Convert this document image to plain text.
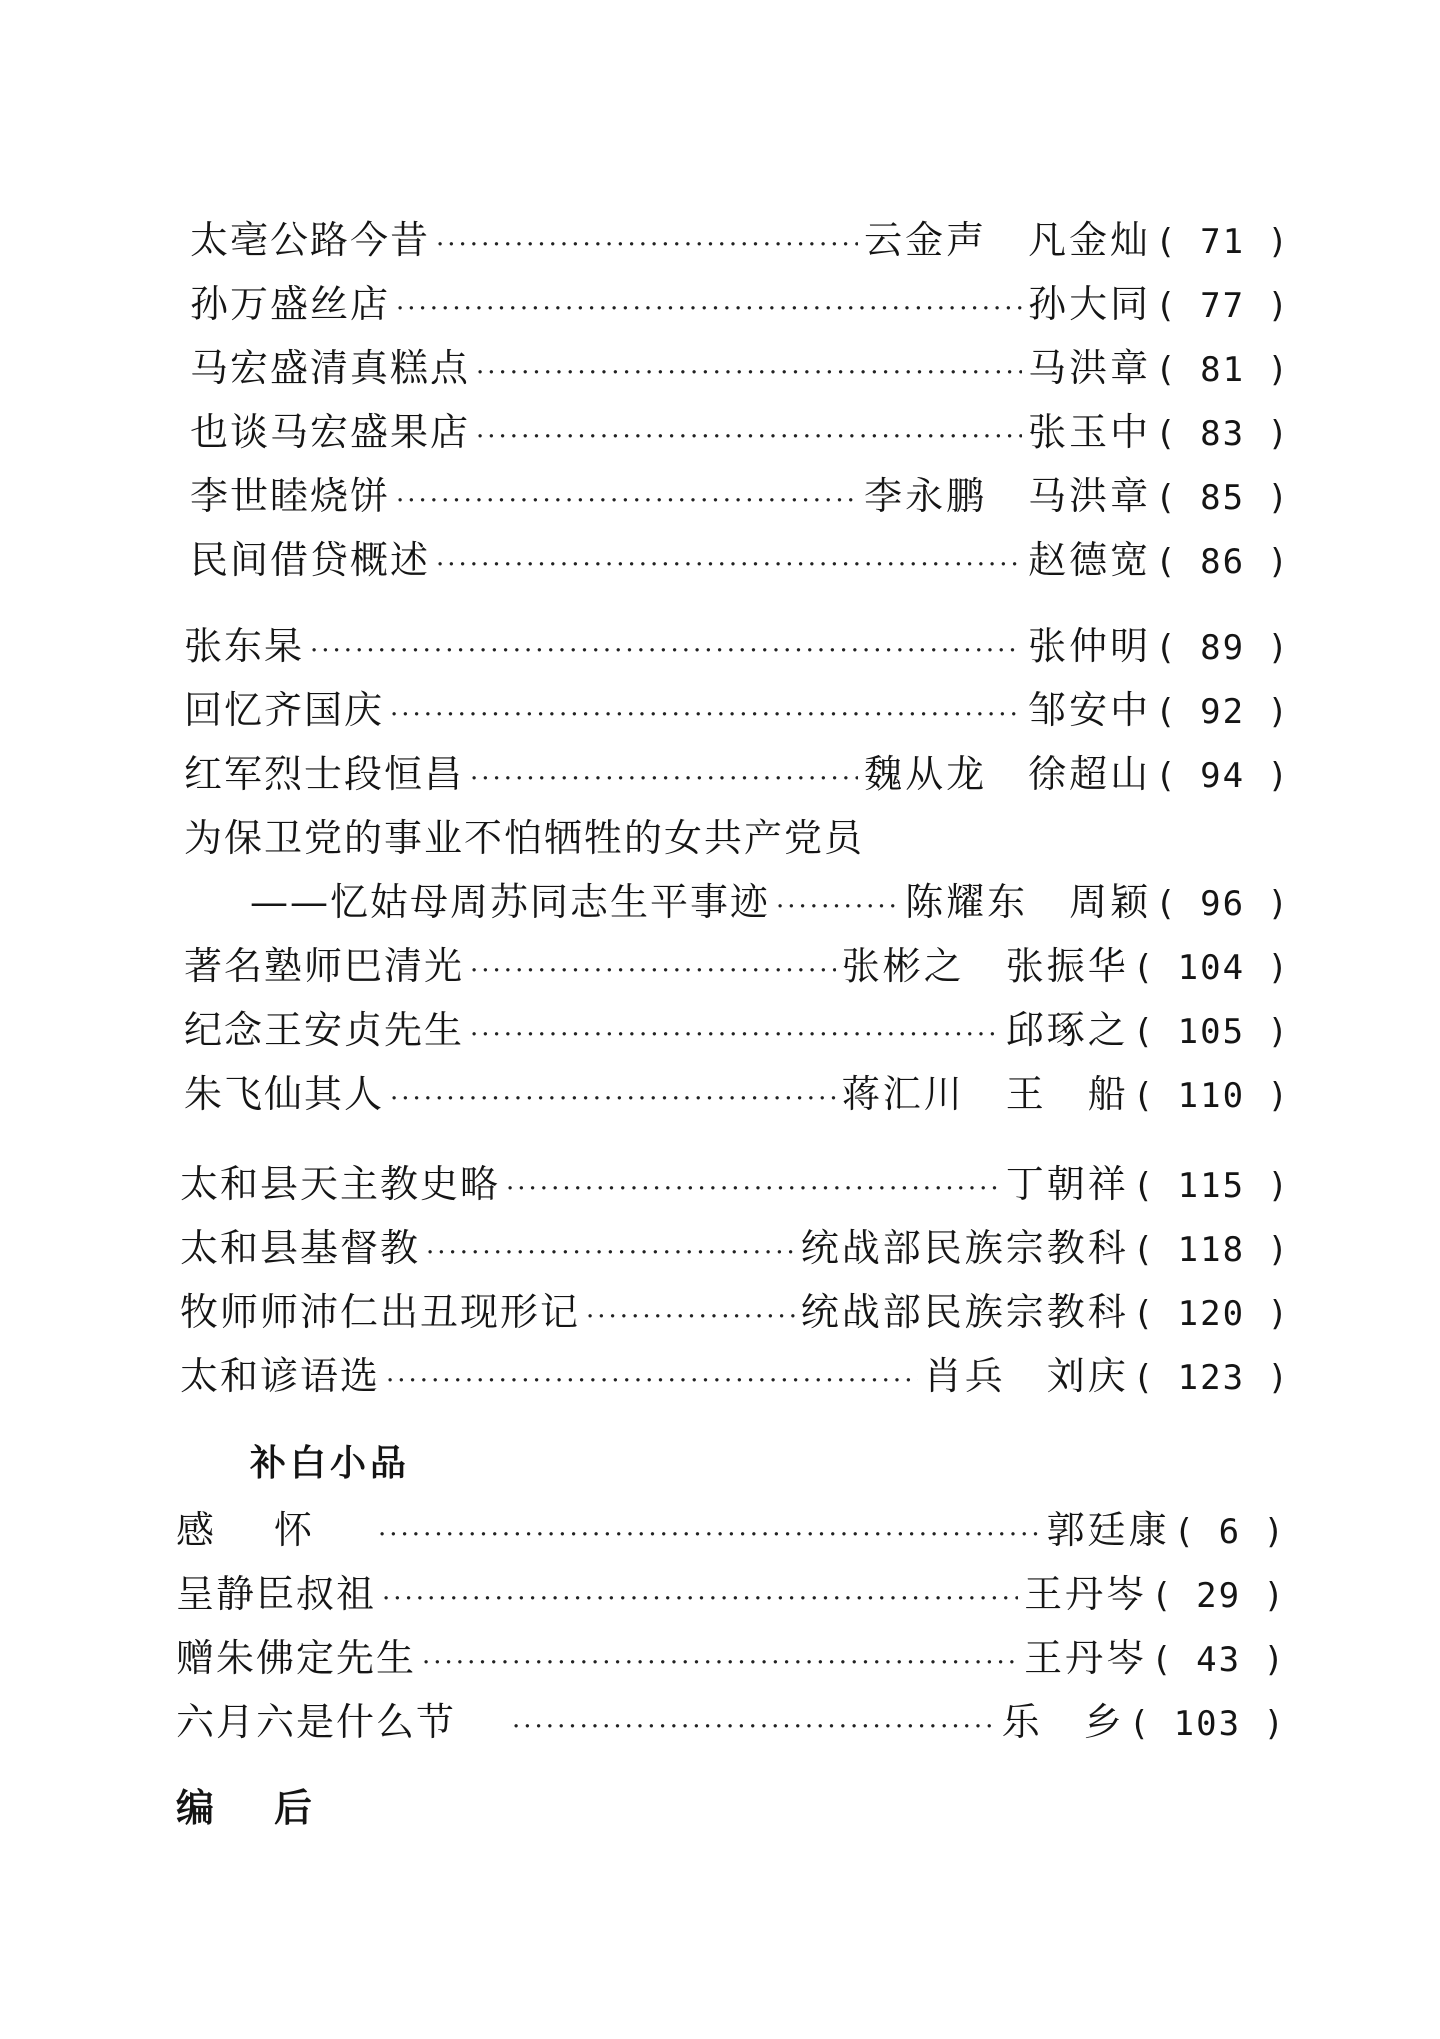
太亳公路今昔 ·····	云金声　凡金灿 ( 71 )
孙万盛丝店 ·····	孙大同 ( 77 )
马宏盛清真糕点 ·····	马洪章 ( 81 )
也谈马宏盛果店 ·····	张玉中 ( 83 )
李世睦烧饼 ·····	李永鹏　马洪章 ( 85 )
民间借贷概述 ·····	赵德宽 ( 86 )
张东杲 ·····	张仲明 ( 89 )
回忆齐国庆 ·····	邹安中 ( 92 )
红军烈士段恒昌 ·····	魏从龙　徐超山 ( 94 )
为保卫党的事业不怕牺牲的女共产党员
——忆姑母周苏同志生平事迹 ·····	陈耀东　周颖 ( 96 )
著名塾师巴清光 ·····	张彬之　张振华 ( 104 )
纪念王安贞先生 ·····	邱琢之 ( 105 )
朱飞仙其人 ·····	蒋汇川　王　船 ( 110 )
太和县天主教史略 ·····	丁朝祥 ( 115 )
太和县基督教 ·····	统战部民族宗教科 ( 118 )
牧师师沛仁出丑现形记 ·····	统战部民族宗教科 ( 120 )
太和谚语选 ·····	肖兵　刘庆 ( 123 )
补白小品
感怀 ·····	郭廷康 ( 6 )
呈静臣叔祖 ·····	王丹岑 ( 29 )
赠朱佛定先生 ·····	王丹岑 ( 43 )
六月六是什么节 ·····	乐　乡 ( 103 )
编后
